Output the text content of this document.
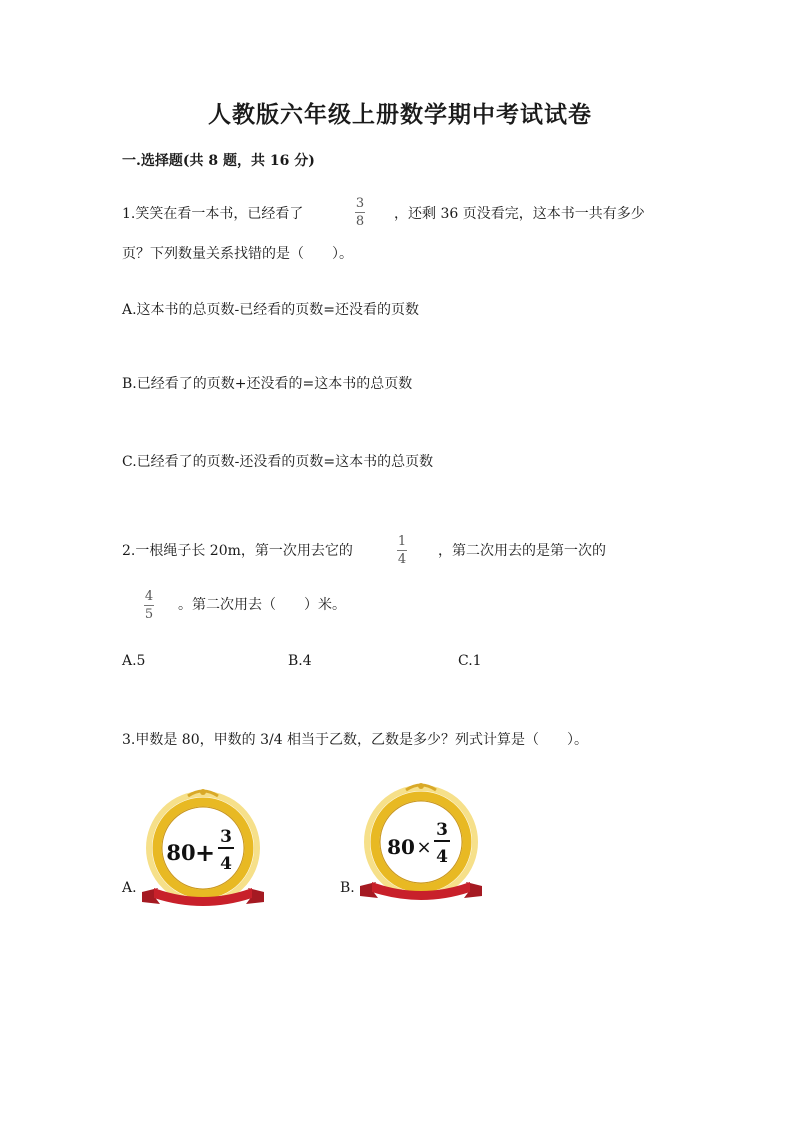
人教版六年级上册数学期中考试试卷
一.选择题(共 8 题，共 16 分)
1.笑笑在看一本书，已经看了
3
8 ，还剩 36 页没看完，这本书一共有多少
页？下列数量关系找错的是（　　）。
A.这本书的总页数-已经看的页数=还没看的页数
B.已经看了的页数+还没看的=这本书的总页数
C.已经看了的页数-还没看的页数=这本书的总页数
2.一根绳子长 20m，第一次用去它的
1
4
，第二次用去的是第一次的
4
5
。第二次用去（　　）米。
A.5	B.4	C.1
3.甲数是 80，甲数的 3/4 相当于乙数，乙数是多少？列式计算是（　　）。
A.
80 +
3
4
B.
80 ×
3
4
